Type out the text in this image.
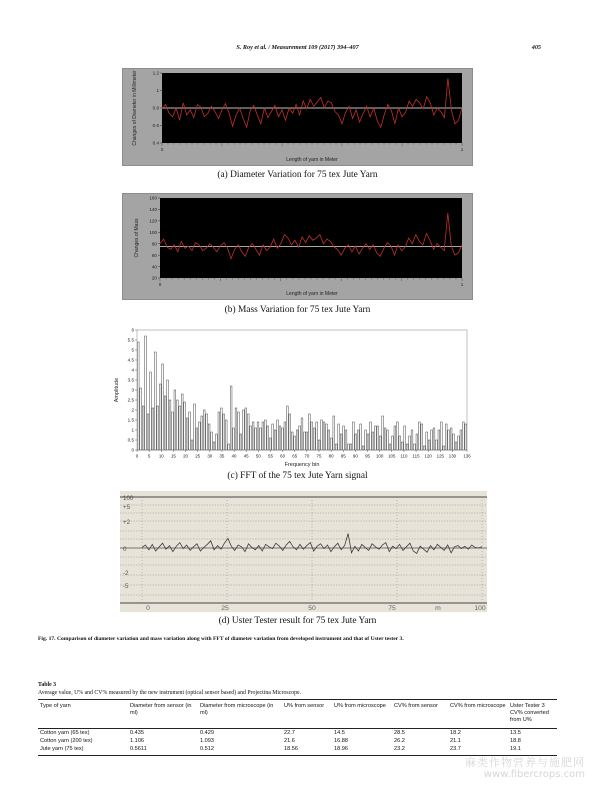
S. Roy et al. / Measurement 109 (2017) 394–407	405
1.2
1
0.8
0.6
0.4
0	1
Changes of Diameter in Millimeter
Length of yarn in Meter
(a) Diameter Variation for 75 tex Jute Yarn
160
140
120
100
80
60
40
20
0	1
Changes of Mass
Length of yarn in Meter
(b) Mass Variation for 75 tex Jute Yarn
6
5.5
5
4.5
4
3.5
3
2.5
2
1.5
1
0.5
0
0 5 10 15 20 25 30 35 40 45 50 55 60 65 70 75 80 85 90 95 100 105 110 115 120 125 130 136
Amplitude
Frequency bin
(c) FFT of the 75 tex Jute Yarn signal
100
+5
+2
0
-2
-5
0	25	50	75	m	100
(d) Uster Tester result for 75 tex Jute Yarn
Fig. 17. Comparison of diameter variation and mass variation along with FFT of diameter variation from developed instrument and that of Uster tester 3.
Table 3
Average value, U% and CV% measured by the new instrument (optical sensor based) and Projectina Microscope.
Type of yarn	Diameter from sensor (in ml)	Diameter from microscope (in ml)	U% from sensor	U% from microscope	CV% from sensor	CV% from microscope	Uster Tester 3 CV% converted from U%
Cotton yarn (65 tex)	0.435	0.429	22.7	14.5	28.5	18.2	13.5
Cotton yarn (200 tex)	1.106	1.093	21.6	16.88	26.2	21.1	18.8
Jute yarn (75 tex)	0.5611	0.512	18.56	18.96	23.2	23.7	19.1
麻类作物营养与施肥网
www.fibercrops.com
